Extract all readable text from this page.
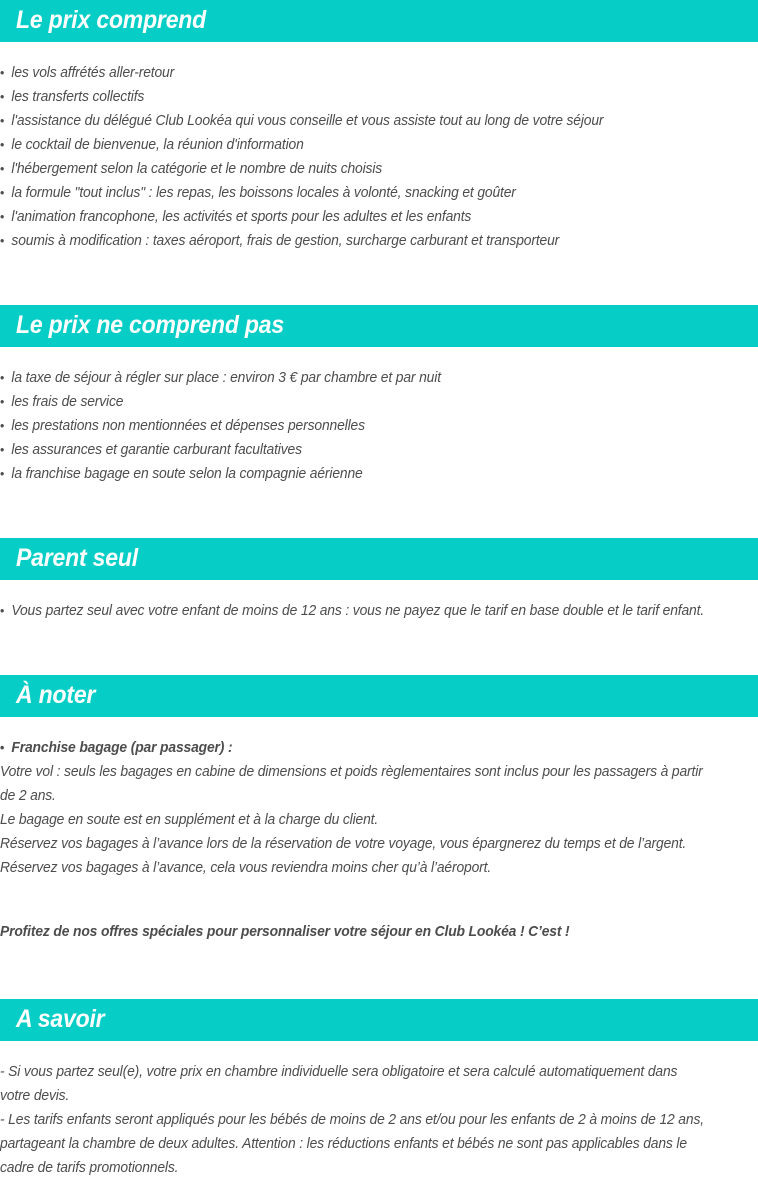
Le prix comprend
• les vols affrétés aller-retour
• les transferts collectifs
• l'assistance du délégué Club Lookéa qui vous conseille et vous assiste tout au long de votre séjour
• le cocktail de bienvenue, la réunion d'information
• l'hébergement selon la catégorie et le nombre de nuits choisis
• la formule "tout inclus" : les repas, les boissons locales à volonté, snacking et goûter
• l'animation francophone, les activités et sports pour les adultes et les enfants
• soumis à modification : taxes aéroport, frais de gestion, surcharge carburant et transporteur
Le prix ne comprend pas
• la taxe de séjour à régler sur place : environ 3 € par chambre et par nuit
• les frais de service
• les prestations non mentionnées et dépenses personnelles
• les assurances et garantie carburant facultatives
• la franchise bagage en soute selon la compagnie aérienne
Parent seul
• Vous partez seul avec votre enfant de moins de 12 ans : vous ne payez que le tarif en base double et le tarif enfant.
À noter
• Franchise bagage (par passager) :

Votre vol : seuls les bagages en cabine de dimensions et poids règlementaires sont inclus pour les passagers à partir de 2 ans.

Le bagage en soute est en supplément et à la charge du client.

Réservez vos bagages à l’avance lors de la réservation de votre voyage, vous épargnerez du temps et de l’argent.

Réservez vos bagages à l’avance, cela vous reviendra moins cher qu’à l’aéroport.

Profitez de nos offres spéciales pour personnaliser votre séjour en Club Lookéa ! C’est !

A savoir

- Si vous partez seul(e), votre prix en chambre individuelle sera obligatoire et sera calculé automatiquement dans votre devis.

- Les tarifs enfants seront appliqués pour les bébés de moins de 2 ans et/ou pour les enfants de 2 à moins de 12 ans, partageant la chambre de deux adultes. Attention : les réductions enfants et bébés ne sont pas applicables dans le cadre de tarifs promotionnels.
